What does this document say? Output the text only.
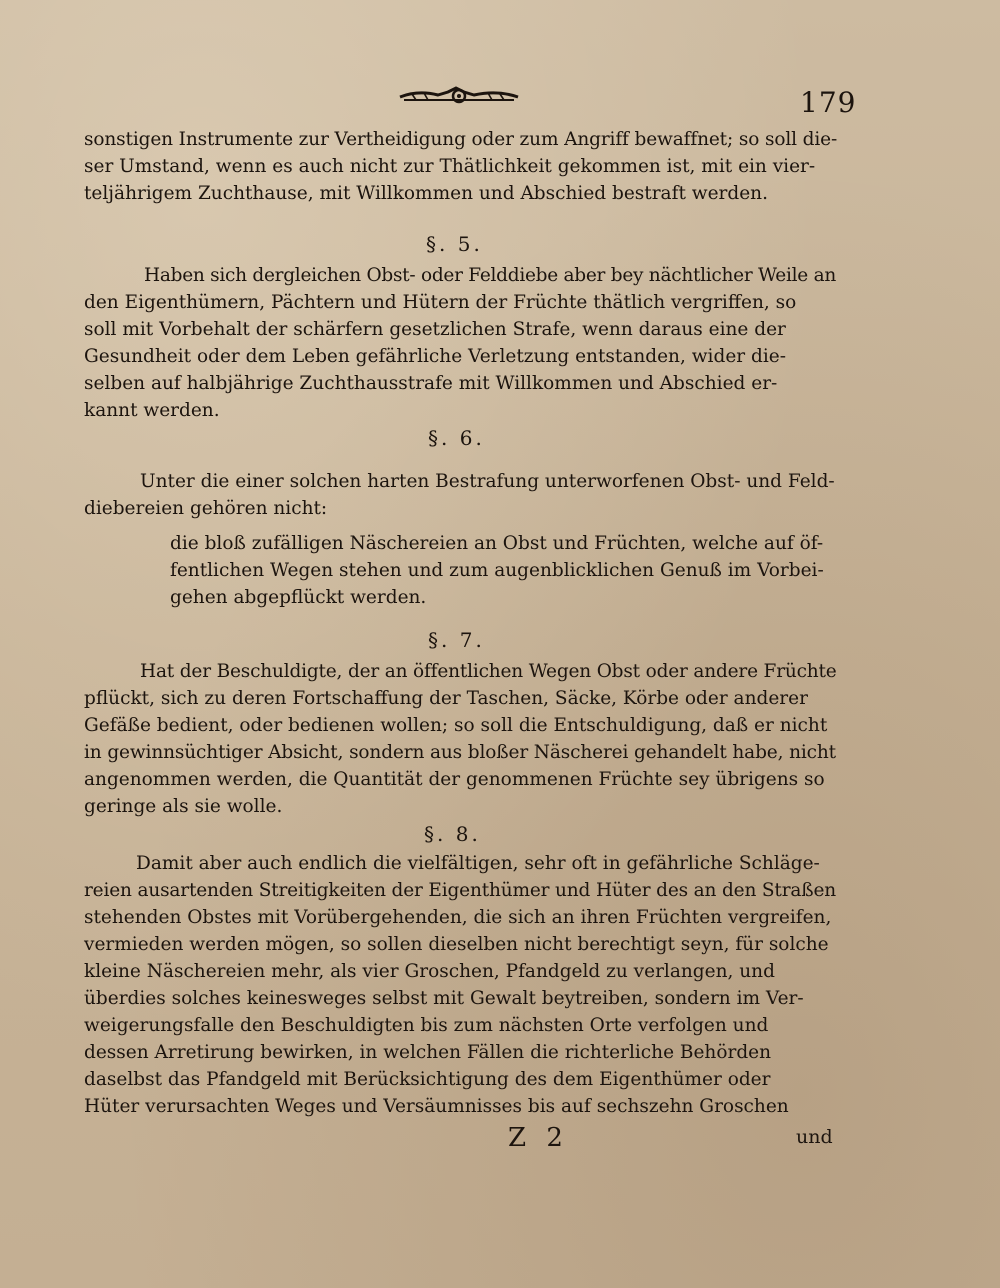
179
sonstigen Instrumente zur Vertheidigung oder zum Angriff bewaffnet; so soll die-
ser Umstand, wenn es auch nicht zur Thätlichkeit gekommen ist, mit ein vier-
teljährigem Zuchthause, mit Willkommen und Abschied bestraft werden.
§. 5.
Haben sich dergleichen Obst- oder Felddiebe aber bey nächtlicher Weile an
den Eigenthümern, Pächtern und Hütern der Früchte thätlich vergriffen, so
soll mit Vorbehalt der schärfern gesetzlichen Strafe, wenn daraus eine der
Gesundheit oder dem Leben gefährliche Verletzung entstanden, wider die-
selben auf halbjährige Zuchthausstrafe mit Willkommen und Abschied er-
kannt werden.
§. 6.
Unter die einer solchen harten Bestrafung unterworfenen Obst- und Feld-
diebereien gehören nicht:
die bloß zufälligen Näschereien an Obst und Früchten, welche auf öf-
fentlichen Wegen stehen und zum augenblicklichen Genuß im Vorbei-
gehen abgepflückt werden.
§. 7.
Hat der Beschuldigte, der an öffentlichen Wegen Obst oder andere Früchte
pflückt, sich zu deren Fortschaffung der Taschen, Säcke, Körbe oder anderer
Gefäße bedient, oder bedienen wollen; so soll die Entschuldigung, daß er nicht
in gewinnsüchtiger Absicht, sondern aus bloßer Näscherei gehandelt habe, nicht
angenommen werden, die Quantität der genommenen Früchte sey übrigens so
geringe als sie wolle.
§. 8.
Damit aber auch endlich die vielfältigen, sehr oft in gefährliche Schläge-
reien ausartenden Streitigkeiten der Eigenthümer und Hüter des an den Straßen
stehenden Obstes mit Vorübergehenden, die sich an ihren Früchten vergreifen,
vermieden werden mögen, so sollen dieselben nicht berechtigt seyn, für solche
kleine Näschereien mehr, als vier Groschen, Pfandgeld zu verlangen, und
überdies solches keinesweges selbst mit Gewalt beytreiben, sondern im Ver-
weigerungsfalle den Beschuldigten bis zum nächsten Orte verfolgen und
dessen Arretirung bewirken, in welchen Fällen die richterliche Behörden
daselbst das Pfandgeld mit Berücksichtigung des dem Eigenthümer oder
Hüter verursachten Weges und Versäumnisses bis auf sechszehn Groschen
Z 2	und
